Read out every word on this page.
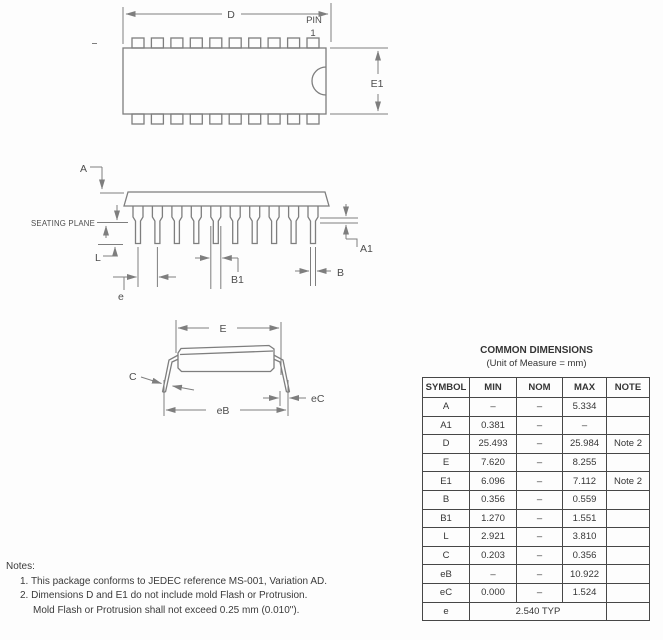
D	PIN
1
E1
A
SEATING PLANE
L
A1
e
B1
B
E
C
eB
eC
COMMON DIMENSIONS
(Unit of Measure = mm)
SYMBOL	MIN	NOM	MAX	NOTE
A	–	–	5.334	
A1	0.381	–	–	
D	25.493	–	25.984	Note 2
E	7.620	–	8.255	
E1	6.096	–	7.112	Note 2
B	0.356	–	0.559	
B1	1.270	–	1.551	
L	2.921	–	3.810	
C	0.203	–	0.356	
eB	–	–	10.922	
eC	0.000	–	1.524	
e	2.540 TYP			
Notes:
1. This package conforms to JEDEC reference MS-001, Variation AD.
2. Dimensions D and E1 do not include mold Flash or Protrusion.
Mold Flash or Protrusion shall not exceed 0.25 mm (0.010").
